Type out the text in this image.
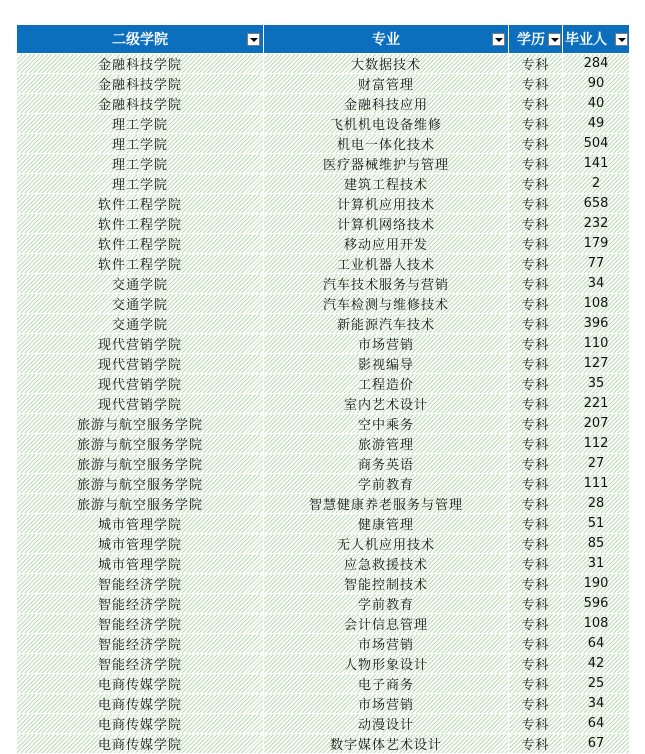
二级学院	专业	学历	毕业人

金融科技学院	大数据技术	专科	284
金融科技学院	财富管理	专科	90
金融科技学院	金融科技应用	专科	40
理工学院	飞机机电设备维修	专科	49
理工学院	机电一体化技术	专科	504
理工学院	医疗器械维护与管理	专科	141
理工学院	建筑工程技术	专科	2
软件工程学院	计算机应用技术	专科	658
软件工程学院	计算机网络技术	专科	232
软件工程学院	移动应用开发	专科	179
软件工程学院	工业机器人技术	专科	77
交通学院	汽车技术服务与营销	专科	34
交通学院	汽车检测与维修技术	专科	108
交通学院	新能源汽车技术	专科	396
现代营销学院	市场营销	专科	110
现代营销学院	影视编导	专科	127
现代营销学院	工程造价	专科	35
现代营销学院	室内艺术设计	专科	221
旅游与航空服务学院	空中乘务	专科	207
旅游与航空服务学院	旅游管理	专科	112
旅游与航空服务学院	商务英语	专科	27
旅游与航空服务学院	学前教育	专科	111
旅游与航空服务学院	智慧健康养老服务与管理	专科	28
城市管理学院	健康管理	专科	51
城市管理学院	无人机应用技术	专科	85
城市管理学院	应急救援技术	专科	31
智能经济学院	智能控制技术	专科	190
智能经济学院	学前教育	专科	596
智能经济学院	会计信息管理	专科	108
智能经济学院	市场营销	专科	64
智能经济学院	人物形象设计	专科	42
电商传媒学院	电子商务	专科	25
电商传媒学院	市场营销	专科	34
电商传媒学院	动漫设计	专科	64
电商传媒学院	数字媒体艺术设计	专科	67
